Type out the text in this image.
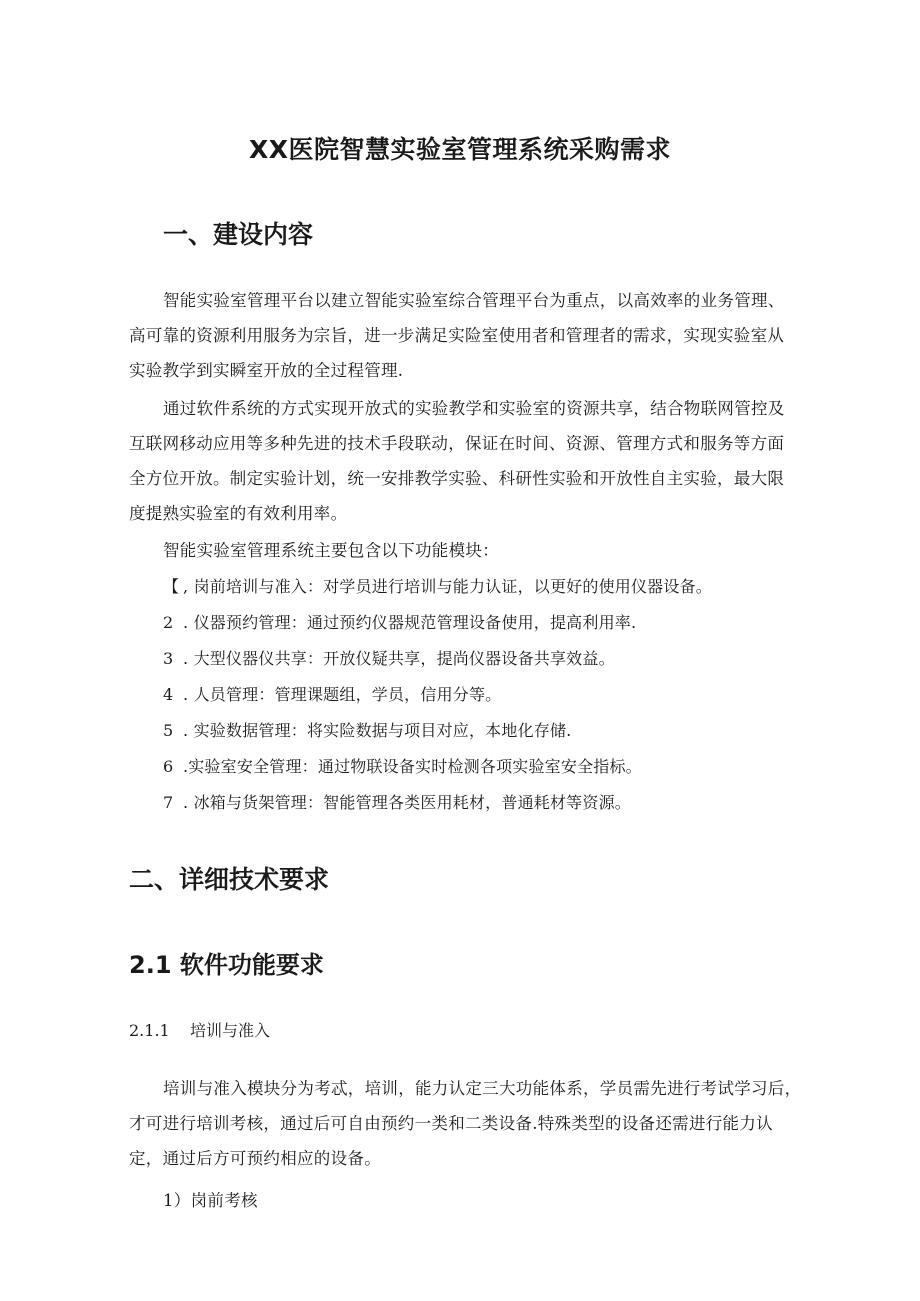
XX医院智慧实验室管理系统采购需求
一、建设内容
智能实验室管理平台以建立智能实验室综合管理平台为重点，以高效率的业务管理、
高可靠的资源利用服务为宗旨，进一步满足实险室使用者和管理者的需求，实现实验室从
实验教学到实瞬室开放的全过程管理.
通过软件系统的方式实现开放式的实验教学和实验室的资源共享，结合物联网管控及
互联网移动应用等多种先进的技术手段联动，保证在时间、资源、管理方式和服务等方面
全方位开放。制定实验计划，统一安排教学实验、科研性实验和开放性自主实验，最大限
度提熟实验室的有效利用率。
智能实验室管理系统主要包含以下功能模块：
【 , 岗前培训与准入：对学员进行培训与能力认证，以更好的使用仪器设备。
2 . 仪器预约管理：通过预约仪器规范管理设备使用，提高利用率.
3 . 大型仪器仪共享：开放仪疑共享，提尚仪器设备共享效益。
4 . 人员管理：管理课题组，学员，信用分等。
5 . 实验数据管理：将实险数据与项目对应，本地化存储.
6 .实验室安全管理：通过物联设备实时检测各项实验室安全指标。
7 . 冰箱与货架管理：智能管理各类医用耗材，普通耗材等资源。
二、详细技术要求
2.1 软件功能要求
2.1.1    培训与准入
培训与准入模块分为考忒，培训，能力认定三大功能体系，学员需先进行考试学习后，
才可进行培训考核，通过后可自由预约一类和二类设备.特殊类型的设备还需进行能力认
定，通过后方可预约相应的设备。
1）岗前考核
